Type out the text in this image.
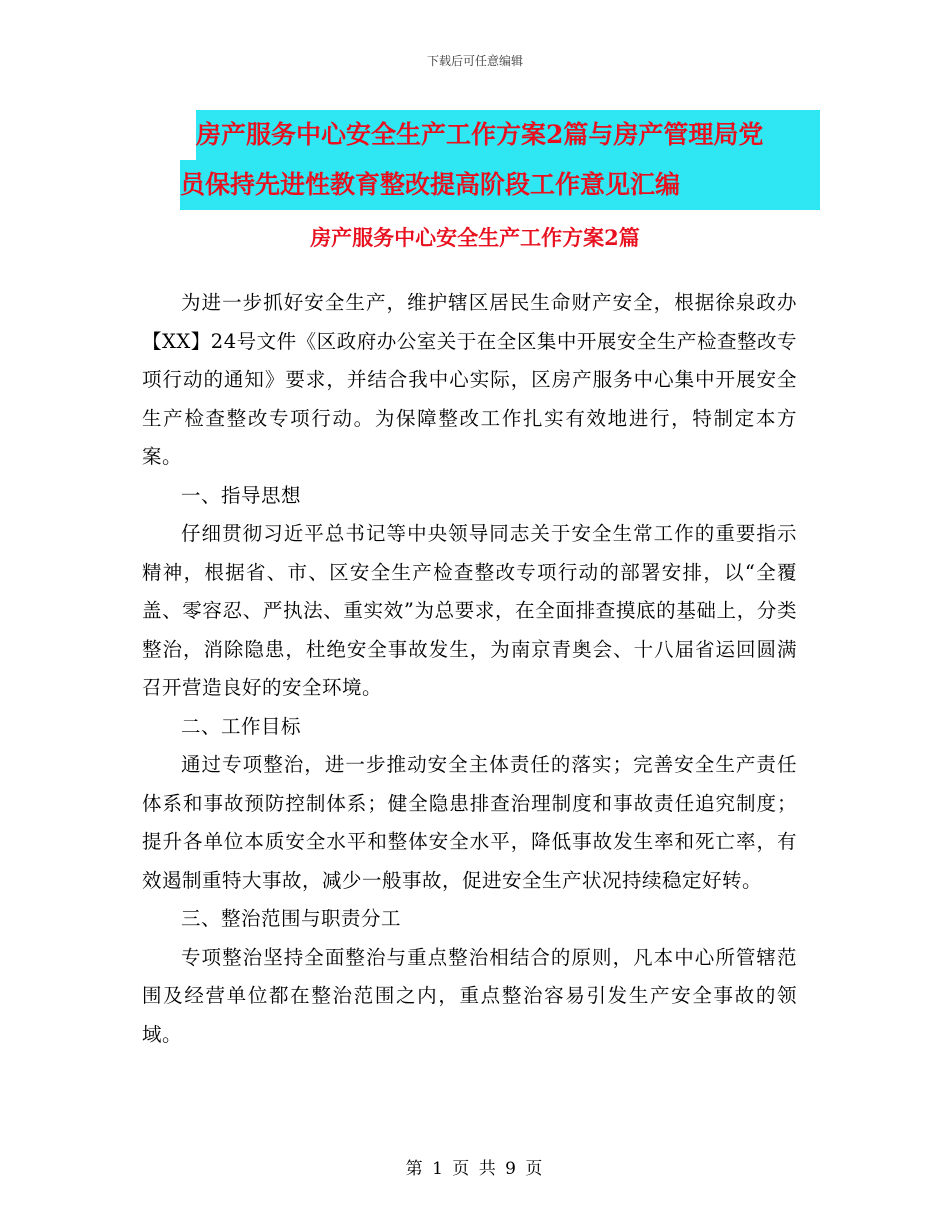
下载后可任意编辑
房产服务中心安全生产工作方案2篇与房产管理局党
员保持先进性教育整改提高阶段工作意见汇编
房产服务中心安全生产工作方案2篇

为进一步抓好安全生产，维护辖区居民生命财产安全，根据徐泉政办【XX】24号文件《区政府办公室关于在全区集中开展安全生产检查整改专项行动的通知》要求，并结合我中心实际，区房产服务中心集中开展安全生产检查整改专项行动。为保障整改工作扎实有效地进行，特制定本方案。

一、指导思想

仔细贯彻习近平总书记等中央领导同志关于安全生常工作的重要指示精神，根据省、市、区安全生产检查整改专项行动的部署安排，以“全覆盖、零容忍、严执法、重实效”为总要求，在全面排查摸底的基础上，分类整治，消除隐患，杜绝安全事故发生，为南京青奥会、十八届省运回圆满召开营造良好的安全环境。

二、工作目标

通过专项整治，进一步推动安全主体责任的落实；完善安全生产责任体系和事故预防控制体系；健全隐患排查治理制度和事故责任追究制度；提升各单位本质安全水平和整体安全水平，降低事故发生率和死亡率，有效遏制重特大事故，减少一般事故，促进安全生产状况持续稳定好转。

三、整治范围与职责分工

专项整治坚持全面整治与重点整治相结合的原则，凡本中心所管辖范围及经营单位都在整治范围之内，重点整治容易引发生产安全事故的领域。

第 1 页 共 9 页
